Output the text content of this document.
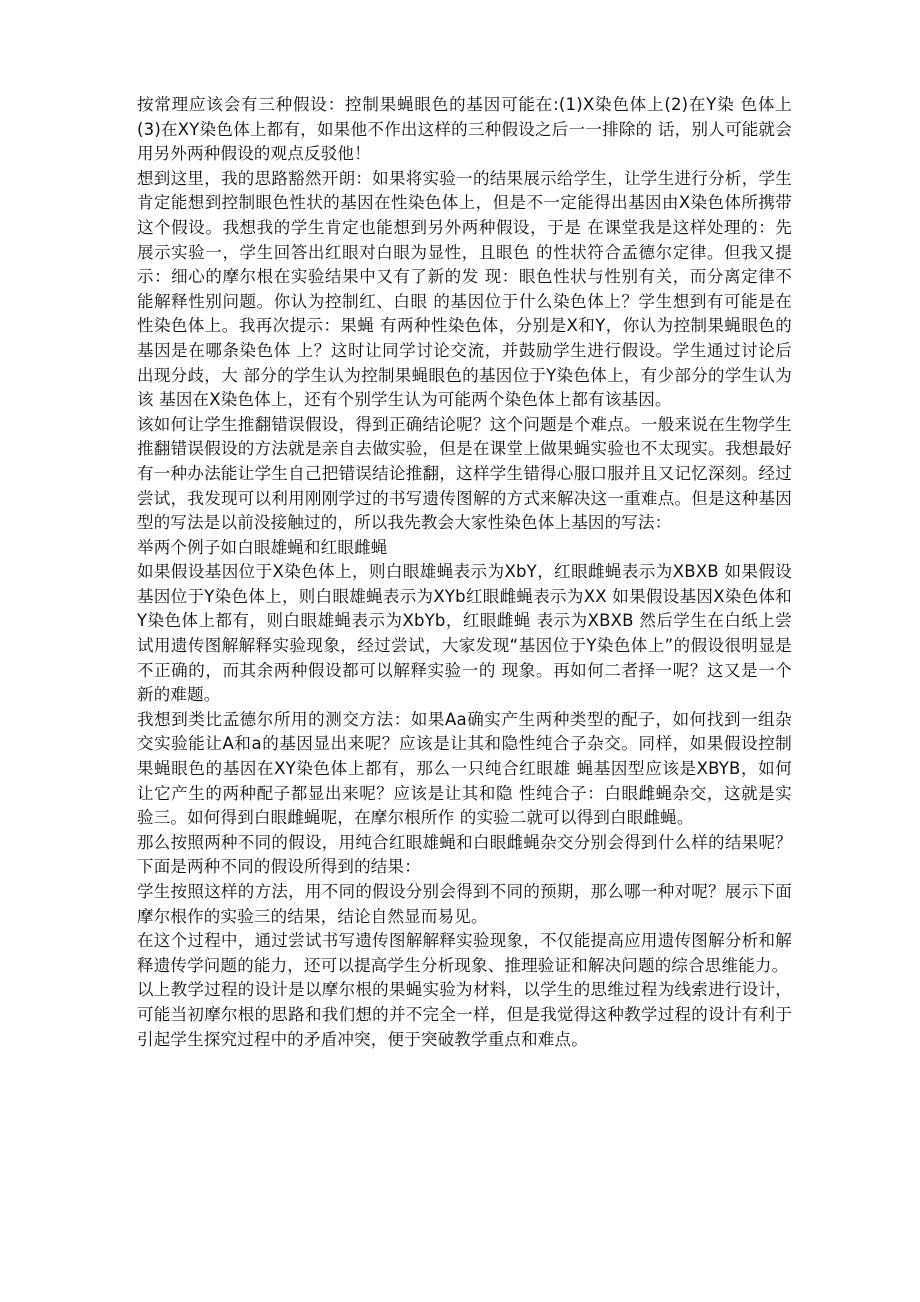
按常理应该会有三种假设：控制果蝇眼色的基因可能在:(1)X染色体上(2)在Y染 色体上(3)在XY染色体上都有，如果他不作出这样的三种假设之后一一排除的 话，别人可能就会用另外两种假设的观点反驳他！

想到这里，我的思路豁然开朗：如果将实验一的结果展示给学生，让学生进行分析，学生肯定能想到控制眼色性状的基因在性染色体上，但是不一定能得出基因由X染色体所携带这个假设。我想我的学生肯定也能想到另外两种假设，于是 在课堂我是这样处理的：先展示实验一，学生回答出红眼对白眼为显性，且眼色 的性状符合孟德尔定律。但我又提示：细心的摩尔根在实验结果中又有了新的发 现：眼色性状与性别有关，而分离定律不能解释性别问题。你认为控制红、白眼 的基因位于什么染色体上？学生想到有可能是在性染色体上。我再次提示：果蝇 有两种性染色体，分别是X和Y，你认为控制果蝇眼色的基因是在哪条染色体 上？这时让同学讨论交流，并鼓励学生进行假设。学生通过讨论后出现分歧，大 部分的学生认为控制果蝇眼色的基因位于Y染色体上，有少部分的学生认为该 基因在X染色体上，还有个别学生认为可能两个染色体上都有该基因。

该如何让学生推翻错误假设，得到正确结论呢？这个问题是个难点。一般来说在生物学生推翻错误假设的方法就是亲自去做实验，但是在课堂上做果蝇实验也不太现实。我想最好有一种办法能让学生自己把错误结论推翻，这样学生错得心服口服并且又记忆深刻。经过尝试，我发现可以利用刚刚学过的书写遗传图解的方式来解决这一重难点。但是这种基因型的写法是以前没接触过的，所以我先教会大家性染色体上基因的写法：

举两个例子如白眼雄蝇和红眼雌蝇

如果假设基因位于X染色体上，则白眼雄蝇表示为XbY，红眼雌蝇表示为XBXB 如果假设基因位于Y染色体上，则白眼雄蝇表示为XYb红眼雌蝇表示为XX 如果假设基因X染色体和Y染色体上都有，则白眼雄蝇表示为XbYb，红眼雌蝇 表示为XBXB 然后学生在白纸上尝试用遗传图解解释实验现象，经过尝试，大家发现“基因位于Y染色体上”的假设很明显是不正确的，而其余两种假设都可以解释实验一的 现象。再如何二者择一呢？这又是一个新的难题。

我想到类比孟德尔所用的测交方法：如果Aa确实产生两种类型的配子，如何找到一组杂交实验能让A和a的基因显出来呢？应该是让其和隐性纯合子杂交。同样，如果假设控制果蝇眼色的基因在XY染色体上都有，那么一只纯合红眼雄 蝇基因型应该是XBYB，如何让它产生的两种配子都显出来呢？应该是让其和隐 性纯合子：白眼雌蝇杂交，这就是实验三。如何得到白眼雌蝇呢，在摩尔根所作 的实验二就可以得到白眼雌蝇。

那么按照两种不同的假设，用纯合红眼雄蝇和白眼雌蝇杂交分别会得到什么样的结果呢？下面是两种不同的假设所得到的结果：

学生按照这样的方法，用不同的假设分别会得到不同的预期，那么哪一种对呢？展示下面摩尔根作的实验三的结果，结论自然显而易见。

在这个过程中，通过尝试书写遗传图解解释实验现象，不仅能提高应用遗传图解分析和解释遗传学问题的能力，还可以提高学生分析现象、推理验证和解决问题的综合思维能力。

以上教学过程的设计是以摩尔根的果蝇实验为材料，以学生的思维过程为线索进行设计，可能当初摩尔根的思路和我们想的并不完全一样，但是我觉得这种教学过程的设计有利于引起学生探究过程中的矛盾冲突，便于突破教学重点和难点。
